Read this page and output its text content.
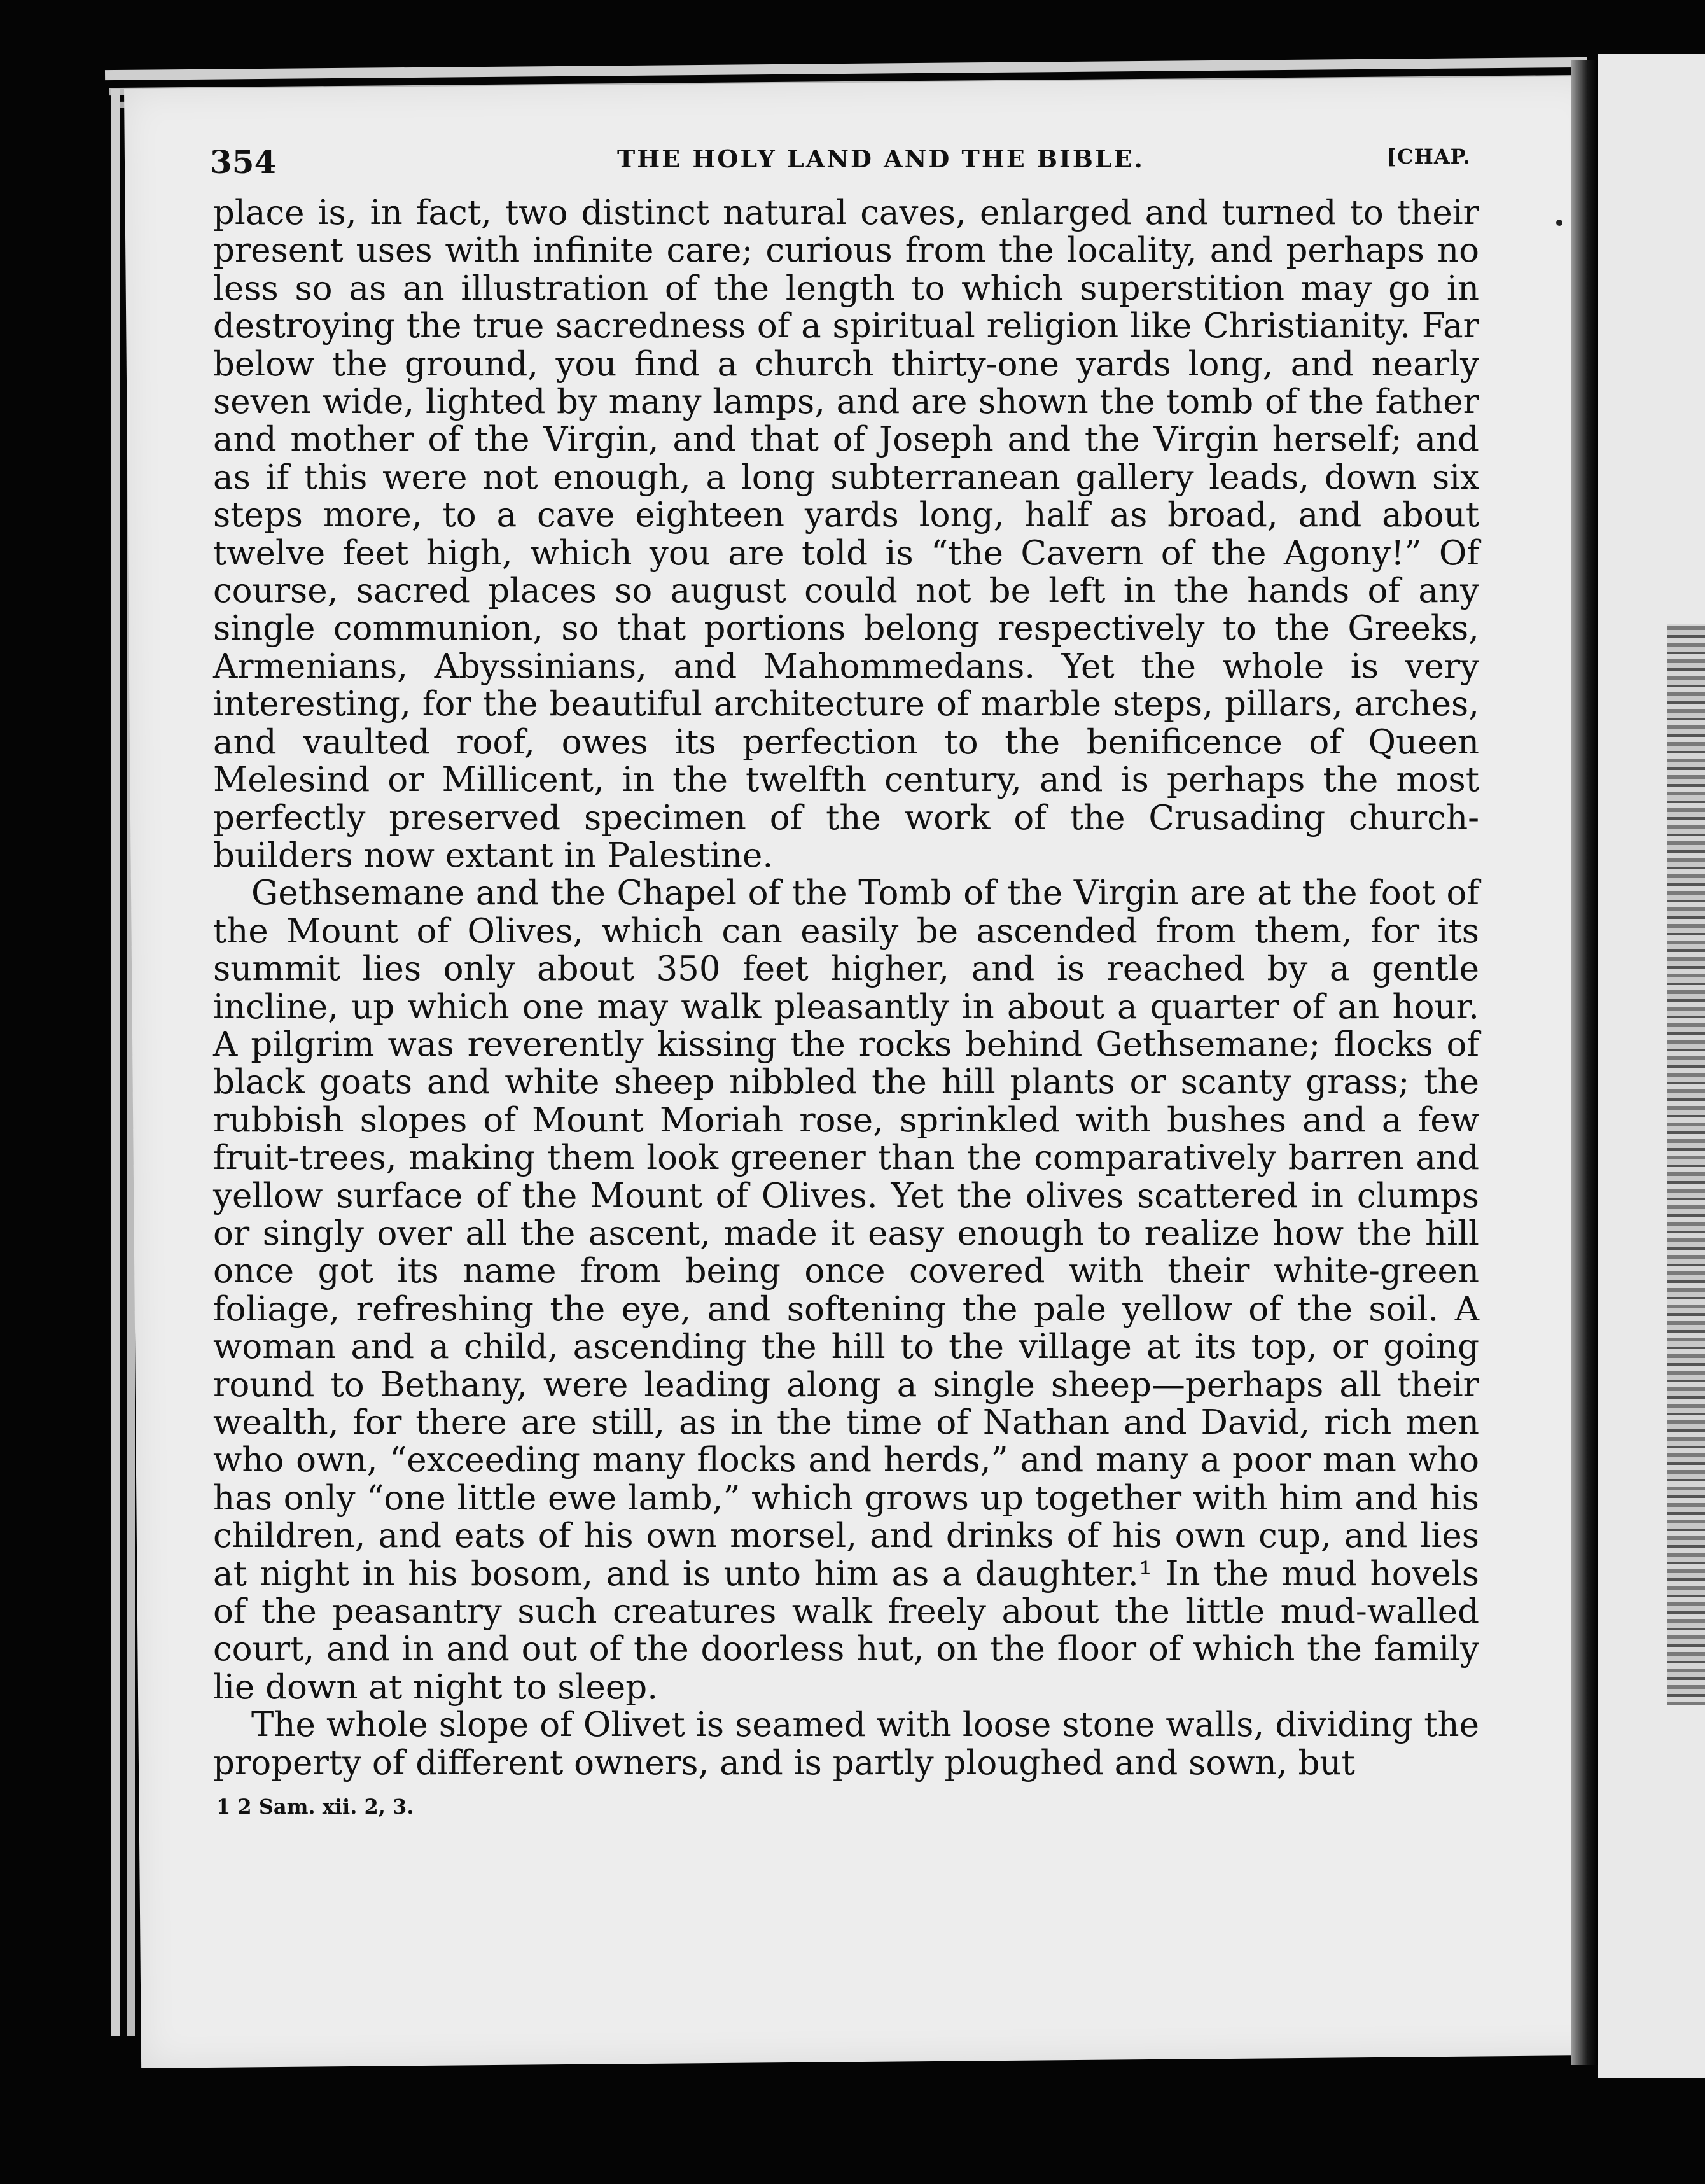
354	THE HOLY LAND AND THE BIBLE.	[CHAP.

place is, in fact, two distinct natural caves, enlarged and turned to their present uses with infinite care; curious from the locality, and perhaps no less so as an illustration of the length to which superstition may go in destroying the true sacredness of a spiritual religion like Christianity. Far below the ground, you find a church thirty-one yards long, and nearly seven wide, lighted by many lamps, and are shown the tomb of the father and mother of the Virgin, and that of Joseph and the Virgin herself; and as if this were not enough, a long subterranean gallery leads, down six steps more, to a cave eighteen yards long, half as broad, and about twelve feet high, which you are told is “the Cavern of the Agony!” Of course, sacred places so august could not be left in the hands of any single communion, so that portions belong respectively to the Greeks, Armenians, Abyssinians, and Mahommedans. Yet the whole is very interesting, for the beautiful architecture of marble steps, pillars, arches, and vaulted roof, owes its perfection to the benificence of Queen Melesind or Millicent, in the twelfth century, and is perhaps the most perfectly preserved specimen of the work of the Crusading church-builders now extant in Palestine.

Gethsemane and the Chapel of the Tomb of the Virgin are at the foot of the Mount of Olives, which can easily be ascended from them, for its summit lies only about 350 feet higher, and is reached by a gentle incline, up which one may walk pleasantly in about a quarter of an hour. A pilgrim was reverently kissing the rocks behind Gethsemane; flocks of black goats and white sheep nibbled the hill plants or scanty grass; the rubbish slopes of Mount Moriah rose, sprinkled with bushes and a few fruit-trees, making them look greener than the comparatively barren and yellow surface of the Mount of Olives. Yet the olives scattered in clumps or singly over all the ascent, made it easy enough to realize how the hill once got its name from being once covered with their white-green foliage, refreshing the eye, and softening the pale yellow of the soil. A woman and a child, ascending the hill to the village at its top, or going round to Bethany, were leading along a single sheep—perhaps all their wealth, for there are still, as in the time of Nathan and David, rich men who own, “exceeding many flocks and herds,” and many a poor man who has only “one little ewe lamb,” which grows up together with him and his children, and eats of his own morsel, and drinks of his own cup, and lies at night in his bosom, and is unto him as a daughter.¹ In the mud hovels of the peasantry such creatures walk freely about the little mud-walled court, and in and out of the doorless hut, on the floor of which the family lie down at night to sleep.

The whole slope of Olivet is seamed with loose stone walls, dividing the property of different owners, and is partly ploughed and sown, but

1 2 Sam. xii. 2, 3.
